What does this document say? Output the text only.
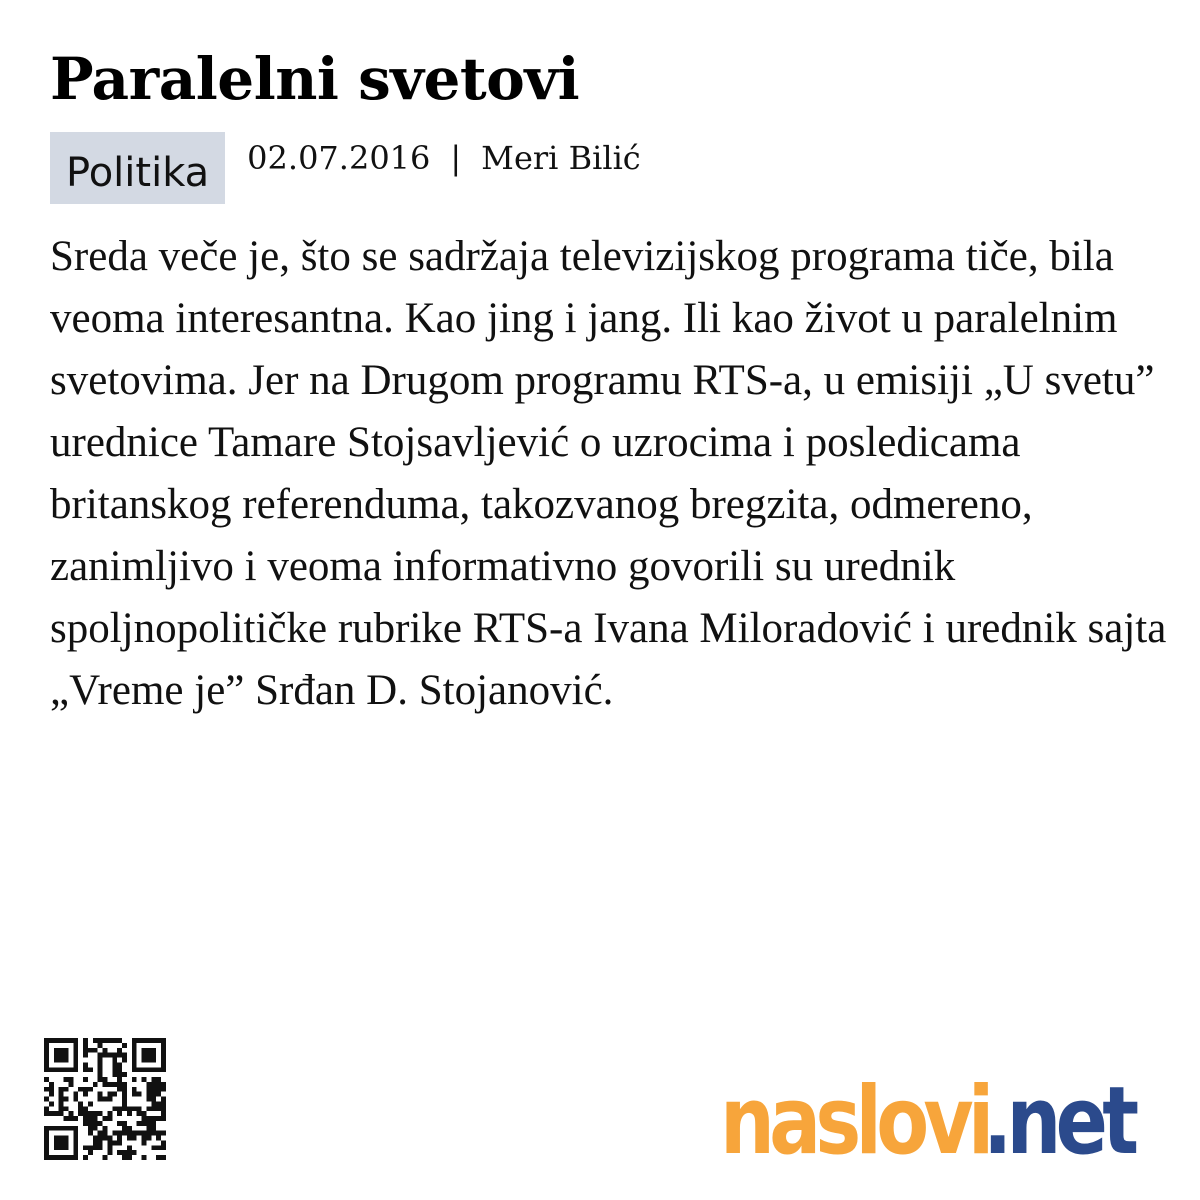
Paralelni svetovi
Politika	02.07.2016 | Meri Bilić

Sreda veče je, što se sadržaja televizijskog programa tiče, bila veoma interesantna. Kao jing i jang. Ili kao život u paralelnim svetovima. Jer na Drugom programu RTS-a, u emisiji „U svetu” urednice Tamare Stojsavljević o uzrocima i posledicama britanskog referenduma, takozvanog bregzita, odmereno, zanimljivo i veoma informativno govorili su urednik spoljnopolitičke rubrike RTS-a Ivana Miloradović i urednik sajta „Vreme je” Srđan D. Stojanović.

naslovi
.net
